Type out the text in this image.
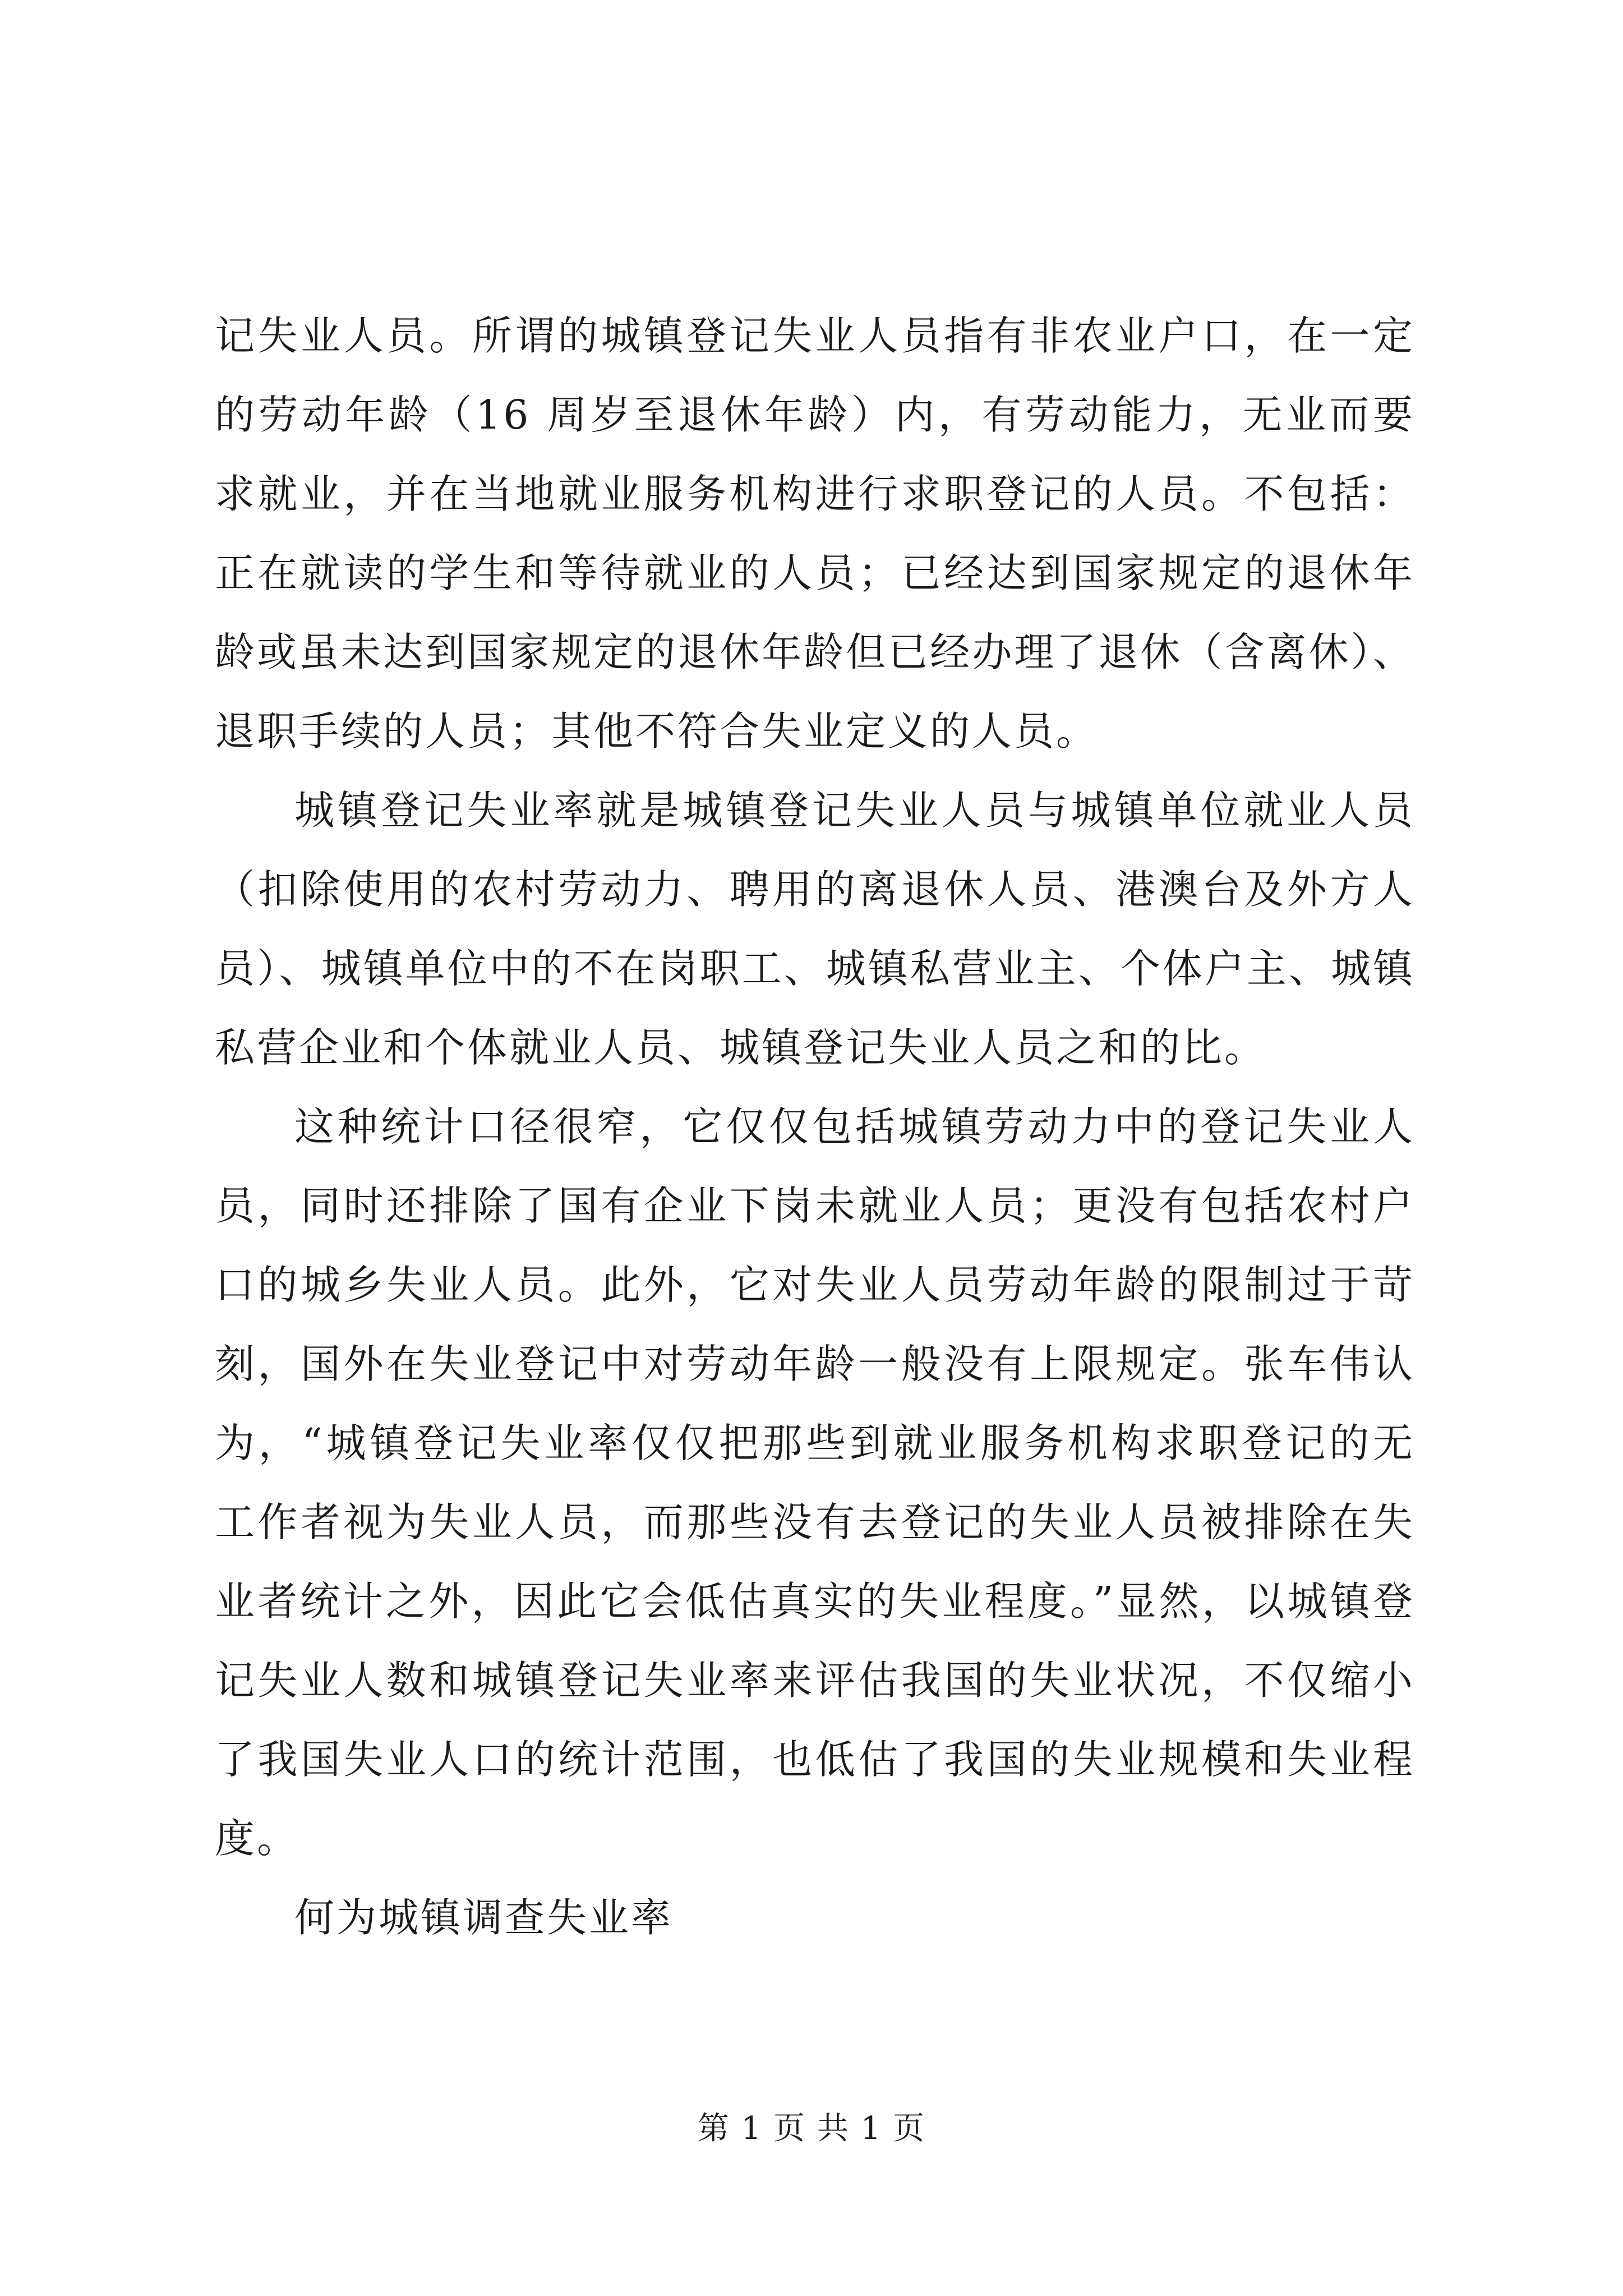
记失业人员。所谓的城镇登记失业人员指有非农业户口，在一定的劳动年龄（16 周岁至退休年龄）内，有劳动能力，无业而要求就业，并在当地就业服务机构进行求职登记的人员。不包括：正在就读的学生和等待就业的人员；已经达到国家规定的退休年龄或虽未达到国家规定的退休年龄但已经办理了退休（含离休）、退职手续的人员；其他不符合失业定义的人员。

城镇登记失业率就是城镇登记失业人员与城镇单位就业人员（扣除使用的农村劳动力、聘用的离退休人员、港澳台及外方人员）、城镇单位中的不在岗职工、城镇私营业主、个体户主、城镇私营企业和个体就业人员、城镇登记失业人员之和的比。

这种统计口径很窄，它仅仅包括城镇劳动力中的登记失业人员，同时还排除了国有企业下岗未就业人员；更没有包括农村户口的城乡失业人员。此外，它对失业人员劳动年龄的限制过于苛刻，国外在失业登记中对劳动年龄一般没有上限规定。张车伟认为，“城镇登记失业率仅仅把那些到就业服务机构求职登记的无工作者视为失业人员，而那些没有去登记的失业人员被排除在失业者统计之外，因此它会低估真实的失业程度。”显然，以城镇登记失业人数和城镇登记失业率来评估我国的失业状况，不仅缩小了我国失业人口的统计范围，也低估了我国的失业规模和失业程度。

何为城镇调查失业率

第 1 页 共 1 页
